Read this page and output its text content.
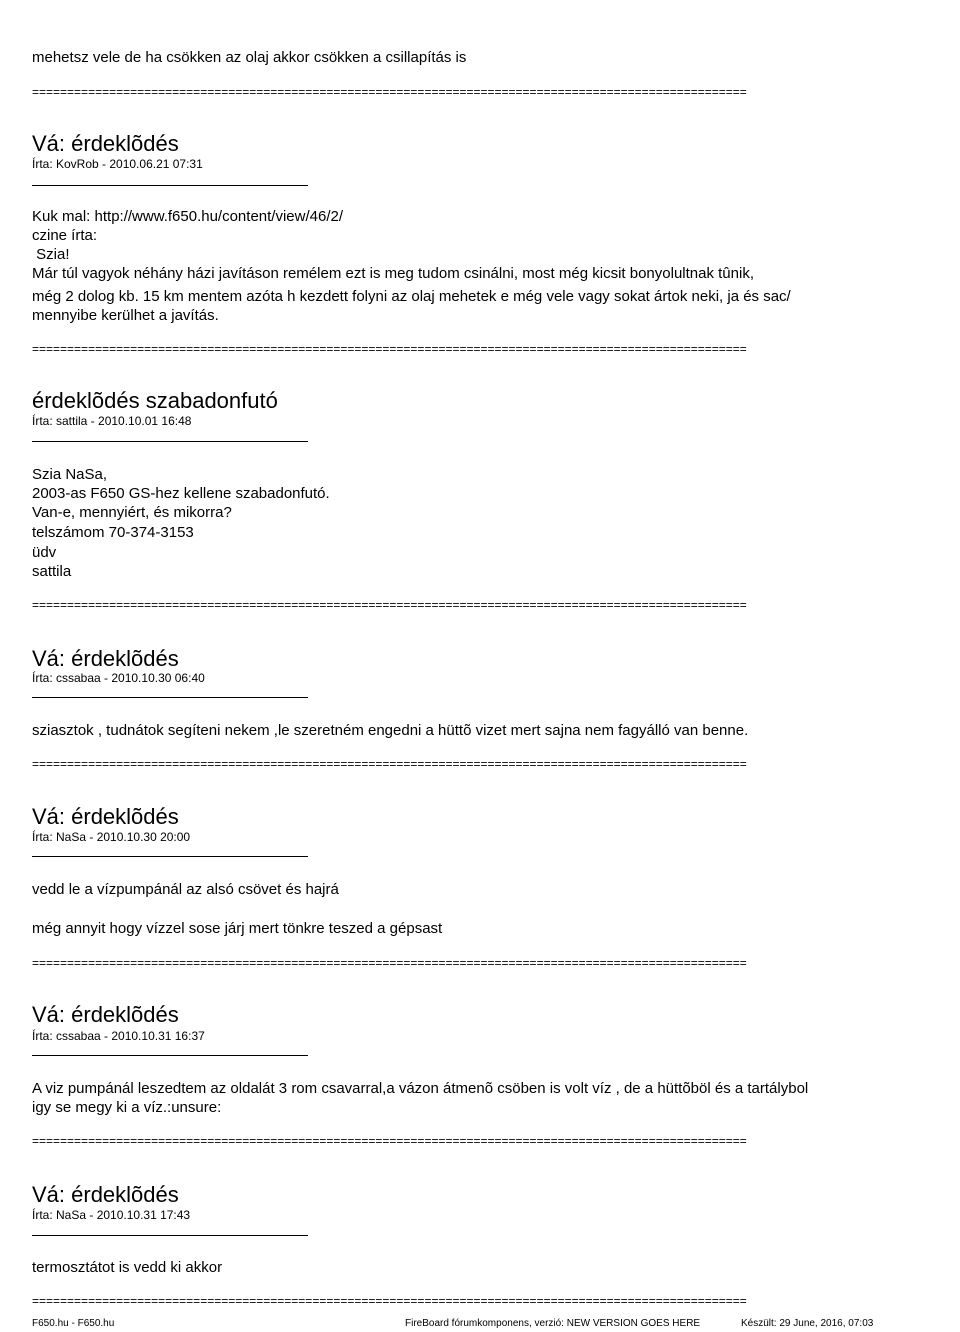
mehetsz vele de ha csökken az olaj akkor csökken a csillapítás is
======================================================================================================
Vá: érdeklõdés
Írta: KovRob - 2010.06.21 07:31
Kuk mal: http://www.f650.hu/content/view/46/2/
czine írta:
Szia!
Már túl vagyok néhány házi javításon remélem ezt is meg tudom csinálni, most még kicsit bonyolultnak tûnik,
még 2 dolog kb. 15 km mentem azóta h kezdett folyni az olaj mehetek e még vele vagy sokat ártok neki, ja és sac/
mennyibe kerülhet a javítás.
======================================================================================================
érdeklõdés szabadonfutó
Írta: sattila - 2010.10.01 16:48
Szia NaSa,
2003-as F650 GS-hez kellene szabadonfutó.
Van-e, mennyiért, és mikorra?
telszámom 70-374-3153
üdv
sattila
======================================================================================================
Vá: érdeklõdés
Írta: cssabaa - 2010.10.30 06:40
sziasztok , tudnátok segíteni nekem ,le szeretném engedni a hüttõ vizet mert sajna nem fagyálló van benne.
======================================================================================================
Vá: érdeklõdés
Írta: NaSa - 2010.10.30 20:00
vedd le a vízpumpánál az alsó csövet és hajrá
még annyit hogy vízzel sose járj mert tönkre teszed a gépsast
======================================================================================================
Vá: érdeklõdés
Írta: cssabaa - 2010.10.31 16:37
A viz pumpánál leszedtem az oldalát 3 rom csavarral,a vázon átmenõ csöben is volt víz , de a hüttõböl és a tartálybol
igy se megy ki a víz.:unsure:
======================================================================================================
Vá: érdeklõdés
Írta: NaSa - 2010.10.31 17:43
termosztátot is vedd ki akkor
======================================================================================================
F650.hu - F650.hu	FireBoard fórumkomponens, verzió: NEW VERSION GOES HERE	Készült: 29 June, 2016, 07:03
